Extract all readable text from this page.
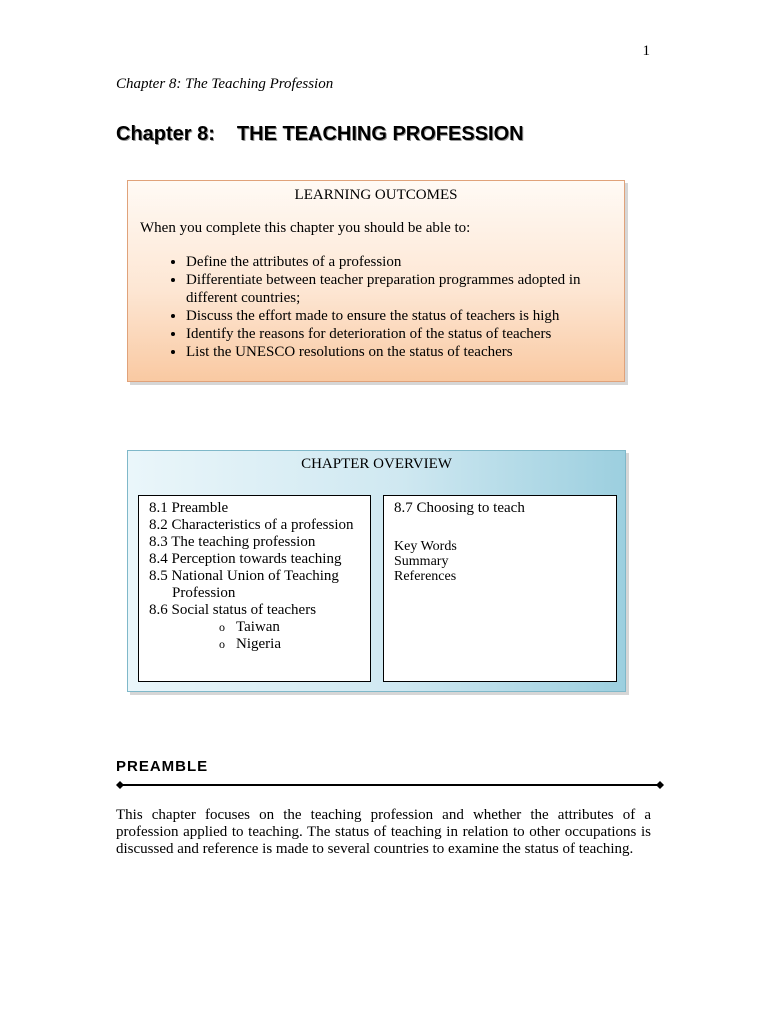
1
Chapter 8: The Teaching Profession
Chapter 8: THE TEACHING PROFESSION
LEARNING OUTCOMES
When you complete this chapter you should be able to:
• Define the attributes of a profession
• Differentiate between teacher preparation programmes adopted in different countries;
• Discuss the effort made to ensure the status of teachers is high
• Identify the reasons for deterioration of the status of teachers
• List the UNESCO resolutions on the status of teachers
CHAPTER OVERVIEW
8.1 Preamble
8.2 Characteristics of a profession
8.3 The teaching profession
8.4 Perception towards teaching
8.5 National Union of Teaching
Profession
8.6 Social status of teachers
o Taiwan
o Nigeria
8.7 Choosing to teach
Key Words
Summary
References
PREAMBLE
This chapter focuses on the teaching profession and whether the attributes of a profession applied to teaching. The status of teaching in relation to other occupations is discussed and reference is made to several countries to examine the status of teaching.
